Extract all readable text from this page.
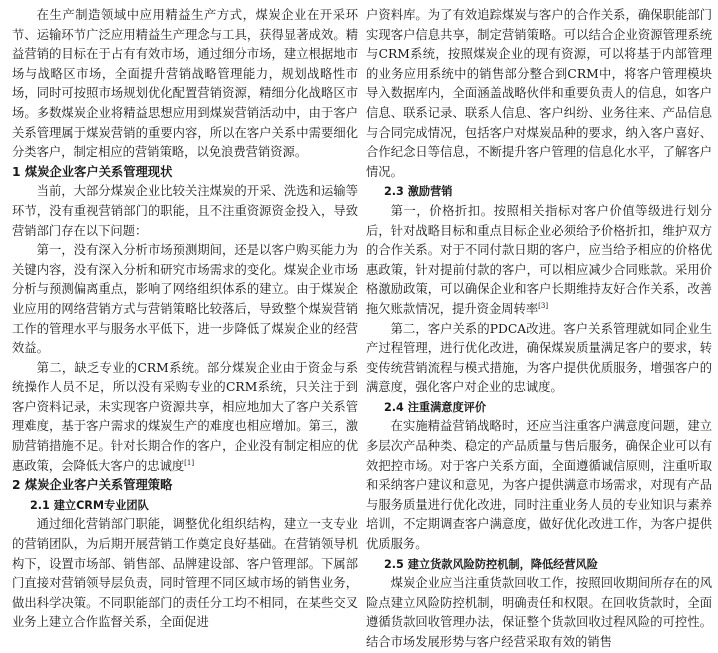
在生产制造领域中应用精益生产方式，煤炭企业在开采环节、运输环节广泛应用精益生产理念与工具，获得显著成效。精益营销的目标在于占有有效市场，通过细分市场，建立根据地市场与战略区市场，全面提升营销战略管理能力，规划战略性市场，同时可按照市场规划优化配置营销资源，精细分化战略区市场。多数煤炭企业将精益思想应用到煤炭营销活动中，由于客户关系管理属于煤炭营销的重要内容，所以在客户关系中需要细化分类客户，制定相应的营销策略，以免浪费营销资源。

1 煤炭企业客户关系管理现状

当前，大部分煤炭企业比较关注煤炭的开采、洗选和运输等环节，没有重视营销部门的职能，且不注重资源资金投入，导致营销部门存在以下问题：

第一，没有深入分析市场预测期间，还是以客户购买能力为关键内容，没有深入分析和研究市场需求的变化。煤炭企业市场分析与预测偏离重点，影响了网络组织体系的建立。由于煤炭企业应用的网络营销方式与营销策略比较落后，导致整个煤炭营销工作的管理水平与服务水平低下，进一步降低了煤炭企业的经营效益。

第二，缺乏专业的CRM系统。部分煤炭企业由于资金与系统操作人员不足，所以没有采购专业的CRM系统，只关注于到客户资料记录，未实现客户资源共享，相应地加大了客户关系管理难度，基于客户需求的煤炭生产的难度也相应增加。第三，激励营销措施不足。针对长期合作的客户，企业没有制定相应的优惠政策，会降低大客户的忠诚度[1]

2 煤炭企业客户关系管理策略

2.1 建立CRM专业团队

通过细化营销部门职能，调整优化组织结构，建立一支专业的营销团队，为后期开展营销工作奠定良好基础。在营销领导机构下，设置市场部、销售部、品牌建设部、客户管理部。下属部门直接对营销领导层负责，同时管理不同区域市场的销售业务，做出科学决策。不同职能部门的责任分工均不相同，在某些交叉业务上建立合作监督关系，全面促进

户资料库。为了有效追踪煤炭与客户的合作关系，确保职能部门实现客户信息共享，制定营销策略。可以结合企业资源管理系统与CRM系统，按照煤炭企业的现有资源，可以将基于内部管理的业务应用系统中的销售部分整合到CRM中，将客户管理模块导入数据库内，全面涵盖战略伙伴和重要负责人的信息，如客户信息、联系记录、联系人信息、客户纠纷、业务往来、产品信息与合同完成情况，包括客户对煤炭品种的要求，纳入客户喜好、合作纪念日等信息，不断提升客户管理的信息化水平，了解客户情况。

2.3 激励营销

第一，价格折扣。按照相关指标对客户价值等级进行划分后，针对战略目标和重点目标企业必须给予价格折扣，维护双方的合作关系。对于不同付款日期的客户，应当给予相应的价格优惠政策，针对提前付款的客户，可以相应减少合同账款。采用价格激励政策，可以确保企业和客户长期维持友好合作关系，改善拖欠账款情况，提升资金周转率[3]

第二，客户关系的PDCA改进。客户关系管理就如同企业生产过程管理，进行优化改进，确保煤炭质量满足客户的要求，转变传统营销流程与模式措施，为客户提供优质服务，增强客户的满意度，强化客户对企业的忠诚度。

2.4 注重满意度评价

在实施精益营销战略时，还应当注重客户满意度问题，建立多层次产品种类、稳定的产品质量与售后服务，确保企业可以有效把控市场。对于客户关系方面，全面遵循诚信原则，注重听取和采纳客户建议和意见，为客户提供满意市场需求，对现有产品与服务质量进行优化改进，同时注重业务人员的专业知识与素养培训，不定期调查客户满意度，做好优化改进工作，为客户提供优质服务。

2.5 建立货款风险防控机制，降低经营风险

煤炭企业应当注重货款回收工作，按照回收期间所存在的风险点建立风险防控机制，明确责任和权限。在回收货款时，全面遵循货款回收管理办法，保证整个货款回收过程风险的可控性。结合市场发展形势与客户经营采取有效的销售
